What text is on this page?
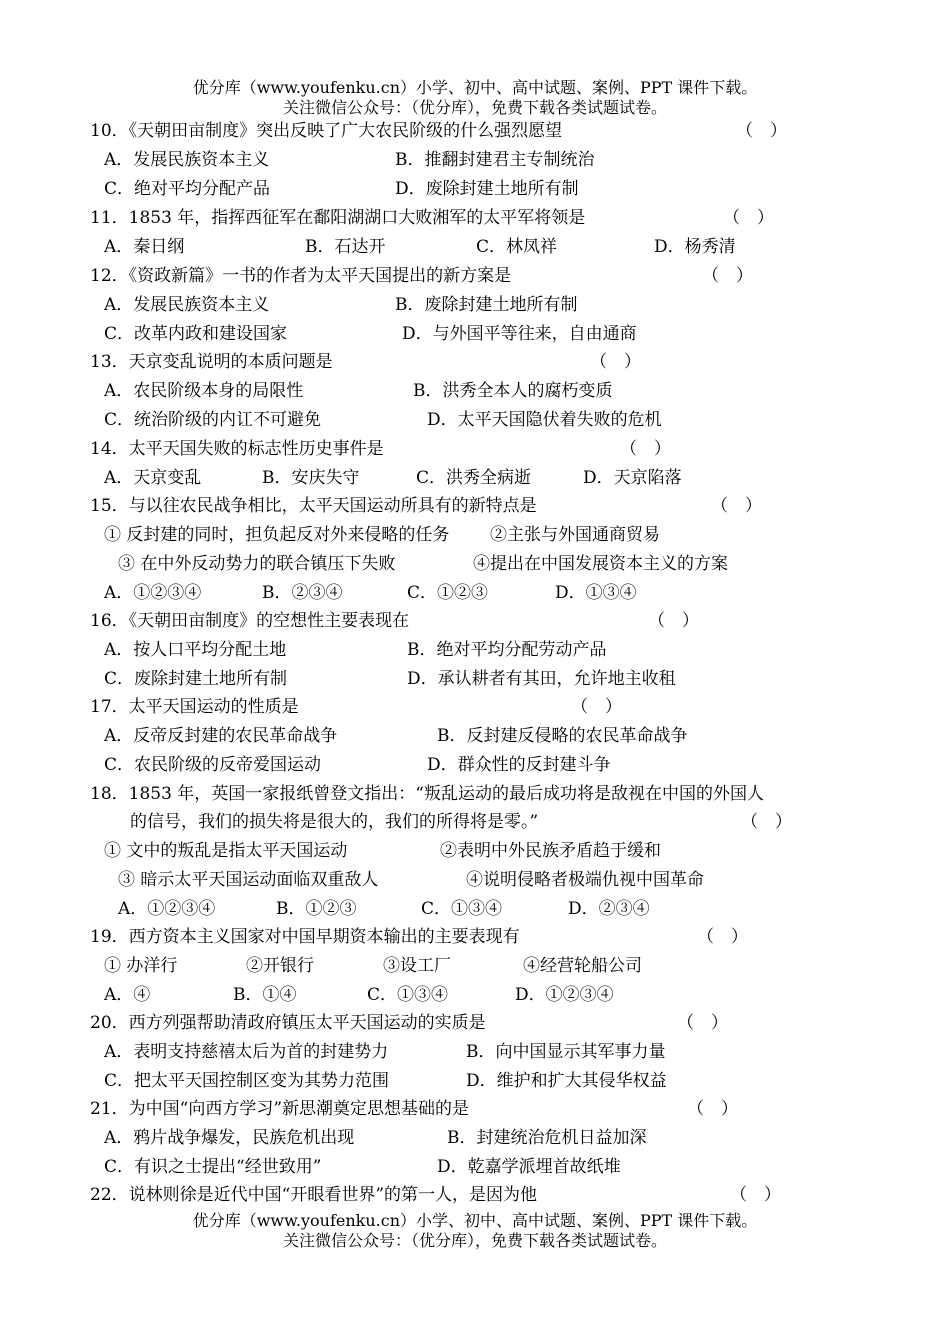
优分库（www.youfenku.cn）小学、初中、高中试题、案例、PPT 课件下载。
关注微信公众号：（优分库），免费下载各类试题试卷。
10．《天朝田亩制度》突出反映了广大农民阶级的什么强烈愿望	（　）
A．发展民族资本主义	B．推翻封建君主专制统治
C．绝对平均分配产品	D．废除封建土地所有制
11．1853 年，指挥西征军在鄱阳湖湖口大败湘军的太平军将领是	（　）
A．秦日纲	B．石达开	C．林凤祥	D．杨秀清
12．《资政新篇》一书的作者为太平天国提出的新方案是	（　）
A．发展民族资本主义	B．废除封建土地所有制
C．改革内政和建设国家	D．与外国平等往来，自由通商
13．天京变乱说明的本质问题是	（　）
A．农民阶级本身的局限性	B．洪秀全本人的腐朽变质
C．统治阶级的内讧不可避免	D．太平天国隐伏着失败的危机
14．太平天国失败的标志性历史事件是	（　）
A．天京变乱	B．安庆失守	C．洪秀全病逝	D．天京陷落
15．与以往农民战争相比，太平天国运动所具有的新特点是	（　）
① 反封建的同时，担负起反对外来侵略的任务 ②主张与外国通商贸易
③ 在中外反动势力的联合镇压下失败	④提出在中国发展资本主义的方案
A．①②③④	B．②③④	C．①②③	D．①③④
16．《天朝田亩制度》的空想性主要表现在	（　）
A．按人口平均分配土地	B．绝对平均分配劳动产品
C．废除封建土地所有制	D．承认耕者有其田，允许地主收租
17．太平天国运动的性质是	（　）
A．反帝反封建的农民革命战争	B．反封建反侵略的农民革命战争
C．农民阶级的反帝爱国运动	D．群众性的反封建斗争
18．1853 年，英国一家报纸曾登文指出：“叛乱运动的最后成功将是敌视在中国的外国人
的信号，我们的损失将是很大的，我们的所得将是零。”	（　）
① 文中的叛乱是指太平天国运动	②表明中外民族矛盾趋于缓和
③ 暗示太平天国运动面临双重敌人	④说明侵略者极端仇视中国革命
A．①②③④	B．①②③	C．①③④	D．②③④
19．西方资本主义国家对中国早期资本输出的主要表现有	（　）
① 办洋行	②开银行	③设工厂	④经营轮船公司
A．④	B．①④	C．①③④	D．①②③④
20．西方列强帮助清政府镇压太平天国运动的实质是	（　）
A．表明支持慈禧太后为首的封建势力	B．向中国显示其军事力量
C．把太平天国控制区变为其势力范围	D．维护和扩大其侵华权益
21．为中国“向西方学习”新思潮奠定思想基础的是	（　）
A．鸦片战争爆发，民族危机出现	B．封建统治危机日益加深
C．有识之士提出“经世致用”	D．乾嘉学派埋首故纸堆
22．说林则徐是近代中国“开眼看世界”的第一人，是因为他	（　）
优分库（www.youfenku.cn）小学、初中、高中试题、案例、PPT 课件下载。
关注微信公众号：（优分库），免费下载各类试题试卷。
